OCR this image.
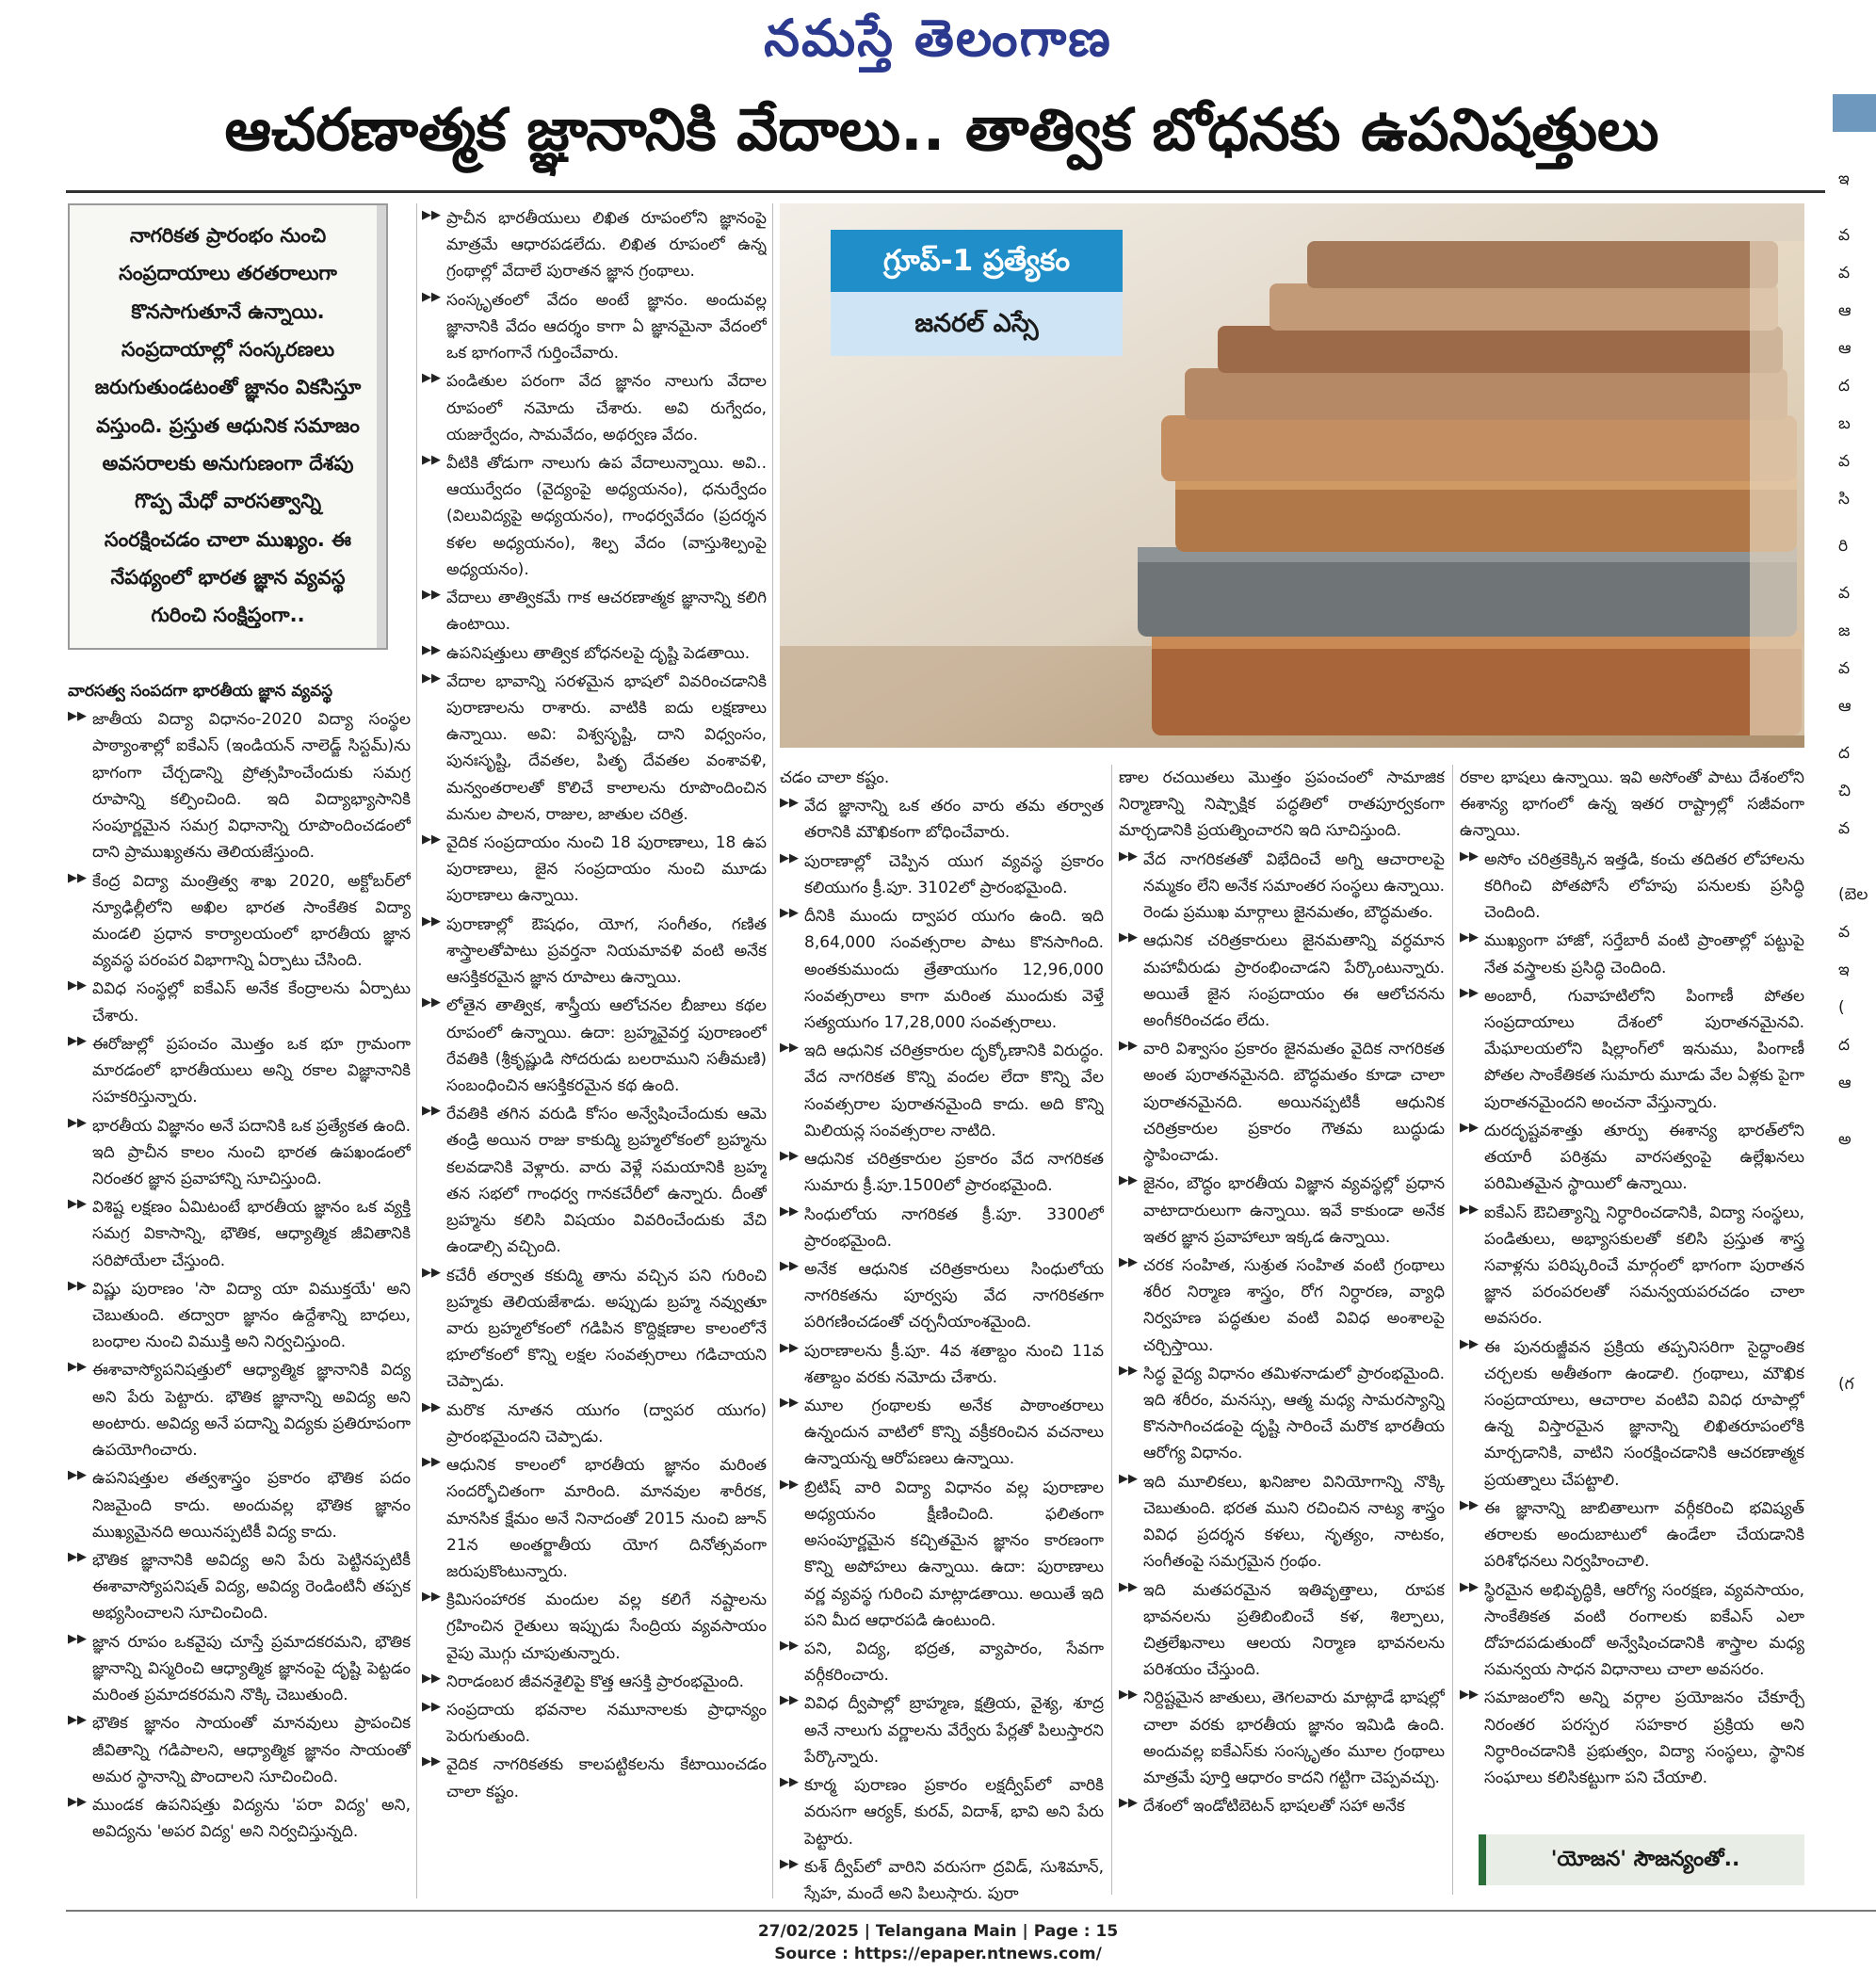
నమస్తే తెలంగాణ
ఆచరణాత్మక జ్ఞానానికి వేదాలు.. తాత్విక బోధనకు ఉపనిషత్తులు
నాగరికత ప్రారంభం నుంచి సంప్రదాయాలు తరతరాలుగా కొనసాగుతూనే ఉన్నాయి. సంప్రదాయాల్లో సంస్కరణలు జరుగుతుండటంతో జ్ఞానం వికసిస్తూ వస్తుంది. ప్రస్తుత ఆధునిక సమాజం అవసరాలకు అనుగుణంగా దేశపు గొప్ప మేధో వారసత్వాన్ని సంరక్షించడం చాలా ముఖ్యం. ఈ నేపథ్యంలో భారత జ్ఞాన వ్యవస్థ గురించి సంక్షిప్తంగా..
గ్రూప్-1 ప్రత్యేకం
జనరల్ ఎస్సే

వారసత్వ సంపదగా భారతీయ జ్ఞాన వ్యవస్థ

▶▶ జాతీయ విద్యా విధానం-2020 విద్యా సంస్థల పాఠ్యాంశాల్లో ఐకేఎస్ (ఇండియన్ నాలెడ్జ్ సిస్టమ్)ను భాగంగా చేర్చడాన్ని ప్రోత్సహించేందుకు సమగ్ర రూపాన్ని కల్పించింది. ఇది విద్యాభ్యాసానికి సంపూర్ణమైన సమగ్ర విధానాన్ని రూపొందించడంలో దాని ప్రాముఖ్యతను తెలియజేస్తుంది.

▶▶ కేంద్ర విద్యా మంత్రిత్వ శాఖ 2020, అక్టోబర్‌లో న్యూఢిల్లీలోని అఖిల భారత సాంకేతిక విద్యా మండలి ప్రధాన కార్యాలయంలో భారతీయ జ్ఞాన వ్యవస్థ పరంపర విభాగాన్ని ఏర్పాటు చేసింది.

▶▶ వివిధ సంస్థల్లో ఐకేఎస్ అనేక కేంద్రాలను ఏర్పాటు చేశారు.

▶▶ ఈరోజుల్లో ప్రపంచం మొత్తం ఒక భూ గ్రామంగా మారడంలో భారతీయులు అన్ని రకాల విజ్ఞానానికి సహకరిస్తున్నారు.

▶▶ భారతీయ విజ్ఞానం అనే పదానికి ఒక ప్రత్యేకత ఉంది. ఇది ప్రాచీన కాలం నుంచి భారత ఉపఖండంలో నిరంతర జ్ఞాన ప్రవాహాన్ని సూచిస్తుంది.

▶▶ విశిష్ట లక్షణం ఏమిటంటే భారతీయ జ్ఞానం ఒక వ్యక్తి సమగ్ర వికాసాన్ని, భౌతిక, ఆధ్యాత్మిక జీవితానికి సరిపోయేలా చేస్తుంది.

▶▶ విష్ణు పురాణం 'సా విద్యా యా విముక్తయే' అని చెబుతుంది. తద్వారా జ్ఞానం ఉద్దేశాన్ని బాధలు, బంధాల నుంచి విముక్తి అని నిర్వచిస్తుంది.

▶▶ ఈశావాస్యోపనిషత్తులో ఆధ్యాత్మిక జ్ఞానానికి విద్య అని పేరు పెట్టారు. భౌతిక జ్ఞానాన్ని అవిద్య అని అంటారు. అవిద్య అనే పదాన్ని విద్యకు ప్రతిరూపంగా ఉపయోగించారు.

▶▶ ఉపనిషత్తుల తత్వశాస్త్రం ప్రకారం భౌతిక పదం నిజమైంది కాదు. అందువల్ల భౌతిక జ్ఞానం ముఖ్యమైనది అయినప్పటికీ విద్య కాదు.

▶▶ భౌతిక జ్ఞానానికి అవిద్య అని పేరు పెట్టినప్పటికీ ఈశావాస్యోపనిషత్ విద్య, అవిద్య రెండింటినీ తప్పక అభ్యసించాలని సూచించింది.

▶▶ జ్ఞాన రూపం ఒకవైపు చూస్తే ప్రమాదకరమని, భౌతిక జ్ఞానాన్ని విస్మరించి ఆధ్యాత్మిక జ్ఞానంపై దృష్టి పెట్టడం మరింత ప్రమాదకరమని నొక్కి చెబుతుంది.

▶▶ భౌతిక జ్ఞానం సాయంతో మానవులు ప్రాపంచిక జీవితాన్ని గడిపాలని, ఆధ్యాత్మిక జ్ఞానం సాయంతో అమర స్థానాన్ని పొందాలని సూచించింది.

▶▶ ముండక ఉపనిషత్తు విద్యను 'పరా విద్య' అని, అవిద్యను 'అపర విద్య' అని నిర్వచిస్తున్నది.

▶▶ ప్రాచీన భారతీయులు లిఖిత రూపంలోని జ్ఞానంపై మాత్రమే ఆధారపడలేదు. లిఖిత రూపంలో ఉన్న గ్రంథాల్లో వేదాలే పురాతన జ్ఞాన గ్రంథాలు.

▶▶ సంస్కృతంలో వేదం అంటే జ్ఞానం. అందువల్ల జ్ఞానానికి వేదం ఆదర్శం కాగా ఏ జ్ఞానమైనా వేదంలో ఒక భాగంగానే గుర్తించేవారు.

▶▶ పండితుల పరంగా వేద జ్ఞానం నాలుగు వేదాల రూపంలో నమోదు చేశారు. అవి రుగ్వేదం, యజుర్వేదం, సామవేదం, అథర్వణ వేదం.

▶▶ వీటికి తోడుగా నాలుగు ఉప వేదాలున్నాయి. అవి.. ఆయుర్వేదం (వైద్యంపై అధ్యయనం), ధనుర్వేదం (విలువిద్యపై అధ్యయనం), గాంధర్వవేదం (ప్రదర్శన కళల అధ్యయనం), శిల్ప వేదం (వాస్తుశిల్పంపై అధ్యయనం).

▶▶ వేదాలు తాత్వికమే గాక ఆచరణాత్మక జ్ఞానాన్ని కలిగి ఉంటాయి.

▶▶ ఉపనిషత్తులు తాత్విక బోధనలపై దృష్టి పెడతాయి.

▶▶ వేదాల భావాన్ని సరళమైన భాషలో వివరించడానికి పురాణాలను రాశారు. వాటికి ఐదు లక్షణాలు ఉన్నాయి. అవి: విశ్వసృష్టి, దాని విధ్వంసం, పునఃసృష్టి, దేవతల, పితృ దేవతల వంశావళి, మన్వంతరాలతో కొలిచే కాలాలను రూపొందించిన మనుల పాలన, రాజుల, జాతుల చరిత్ర.

▶▶ వైదిక సంప్రదాయం నుంచి 18 పురాణాలు, 18 ఉప పురాణాలు, జైన సంప్రదాయం నుంచి మూడు పురాణాలు ఉన్నాయి.

▶▶ పురాణాల్లో ఔషధం, యోగ, సంగీతం, గణిత శాస్త్రాలతోపాటు ప్రవర్తనా నియమావళి వంటి అనేక ఆసక్తికరమైన జ్ఞాన రూపాలు ఉన్నాయి.

▶▶ లోతైన తాత్విక, శాస్త్రీయ ఆలోచనల బీజాలు కథల రూపంలో ఉన్నాయి. ఉదా: బ్రహ్మవైవర్త పురాణంలో రేవతికి (శ్రీకృష్ణుడి సోదరుడు బలరాముని సతీమణి) సంబంధించిన ఆసక్తికరమైన కథ ఉంది.

▶▶ రేవతికి తగిన వరుడి కోసం అన్వేషించేందుకు ఆమె తండ్రి అయిన రాజు కాకుద్మి బ్రహ్మలోకంలో బ్రహ్మను కలవడానికి వెళ్లారు. వారు వెళ్లే సమయానికి బ్రహ్మ తన సభలో గాంధర్వ గానకచేరీలో ఉన్నారు. దీంతో బ్రహ్మను కలిసి విషయం వివరించేందుకు వేచి ఉండాల్సి వచ్చింది.

▶▶ కచేరీ తర్వాత కకుద్మి తాను వచ్చిన పని గురించి బ్రహ్మకు తెలియజేశాడు. అప్పుడు బ్రహ్మ నవ్వుతూ వారు బ్రహ్మలోకంలో గడిపిన కొద్దిక్షణాల కాలంలోనే భూలోకంలో కొన్ని లక్షల సంవత్సరాలు గడిచాయని చెప్పాడు.

▶▶ మరొక నూతన యుగం (ద్వాపర యుగం) ప్రారంభమైందని చెప్పాడు.

▶▶ ఆధునిక కాలంలో భారతీయ జ్ఞానం మరింత సందర్భోచితంగా మారింది. మానవుల శారీరక, మానసిక క్షేమం అనే నినాదంతో 2015 నుంచి జూన్ 21న అంతర్జాతీయ యోగ దినోత్సవంగా జరుపుకొంటున్నారు.

▶▶ క్రిమిసంహారక మందుల వల్ల కలిగే నష్టాలను గ్రహించిన రైతులు ఇప్పుడు సేంద్రియ వ్యవసాయం వైపు మొగ్గు చూపుతున్నారు.

▶▶ నిరాడంబర జీవనశైలిపై కొత్త ఆసక్తి ప్రారంభమైంది.

▶▶ సంప్రదాయ భవనాల నమూనాలకు ప్రాధాన్యం పెరుగుతుంది.

▶▶ వైదిక నాగరికతకు కాలపట్టికలను కేటాయించడం చాలా కష్టం.

చడం చాలా కష్టం.

▶▶ వేద జ్ఞానాన్ని ఒక తరం వారు తమ తర్వాత తరానికి మౌఖికంగా బోధించేవారు.

▶▶ పురాణాల్లో చెప్పిన యుగ వ్యవస్థ ప్రకారం కలియుగం క్రీ.పూ. 3102లో ప్రారంభమైంది.

▶▶ దీనికి ముందు ద్వాపర యుగం ఉంది. ఇది 8,64,000 సంవత్సరాల పాటు కొనసాగింది. అంతకుముందు త్రేతాయుగం 12,96,000 సంవత్సరాలు కాగా మరింత ముందుకు వెళ్తే సత్యయుగం 17,28,000 సంవత్సరాలు.

▶▶ ఇది ఆధునిక చరిత్రకారుల దృక్కోణానికి విరుద్ధం. వేద నాగరికత కొన్ని వందల లేదా కొన్ని వేల సంవత్సరాల పురాతనమైంది కాదు. అది కొన్ని మిలియన్ల సంవత్సరాల నాటిది.

▶▶ ఆధునిక చరిత్రకారుల ప్రకారం వేద నాగరికత సుమారు క్రీ.పూ.1500లో ప్రారంభమైంది.

▶▶ సింధులోయ నాగరికత క్రీ.పూ. 3300లో ప్రారంభమైంది.

▶▶ అనేక ఆధునిక చరిత్రకారులు సింధులోయ నాగరికతను పూర్వపు వేద నాగరికతగా పరిగణించడంతో చర్చనీయాంశమైంది.

▶▶ పురాణాలను క్రీ.పూ. 4వ శతాబ్దం నుంచి 11వ శతాబ్దం వరకు నమోదు చేశారు.

▶▶ మూల గ్రంథాలకు అనేక పాఠాంతరాలు ఉన్నందున వాటిలో కొన్ని వక్రీకరించిన వచనాలు ఉన్నాయన్న ఆరోపణలు ఉన్నాయి.

▶▶ బ్రిటిష్ వారి విద్యా విధానం వల్ల పురాణాల అధ్యయనం క్షీణించింది. ఫలితంగా అసంపూర్ణమైన కచ్చితమైన జ్ఞానం కారణంగా కొన్ని అపోహలు ఉన్నాయి. ఉదా: పురాణాలు వర్ణ వ్యవస్థ గురించి మాట్లాడతాయి. అయితే ఇది పని మీద ఆధారపడి ఉంటుంది.

▶▶ పని, విద్య, భద్రత, వ్యాపారం, సేవగా వర్గీకరించారు.

▶▶ వివిధ ద్వీపాల్లో బ్రాహ్మణ, క్షత్రియ, వైశ్య, శూద్ర అనే నాలుగు వర్ణాలను వేర్వేరు పేర్లతో పిలుస్తారని పేర్కొన్నారు.

▶▶ కూర్మ పురాణం ప్రకారం లక్షద్వీప్‌లో వారికి వరుసగా ఆర్యక్, కురవ్, విదాశ్, భావి అని పేరు పెట్టారు.

▶▶ కుశ్ ద్వీప్‌లో వారిని వరుసగా ద్రవిడ్, సుశిమాన్, స్నేహ, మందే అని పిలుస్తారు. పురా

ణాల రచయితలు మొత్తం ప్రపంచంలో సామాజిక నిర్మాణాన్ని నిష్పాక్షిక పద్ధతిలో రాతపూర్వకంగా మార్చడానికి ప్రయత్నించారని ఇది సూచిస్తుంది.

▶▶ వేద నాగరికతతో విభేదించే అగ్ని ఆచారాలపై నమ్మకం లేని అనేక సమాంతర సంస్థలు ఉన్నాయి. రెండు ప్రముఖ మార్గాలు జైనమతం, బౌద్ధమతం.

▶▶ ఆధునిక చరిత్రకారులు జైనమతాన్ని వర్ధమాన మహావీరుడు ప్రారంభించాడని పేర్కొంటున్నారు. అయితే జైన సంప్రదాయం ఈ ఆలోచనను అంగీకరించడం లేదు.

▶▶ వారి విశ్వాసం ప్రకారం జైనమతం వైదిక నాగరికత అంత పురాతనమైనది. బౌద్ధమతం కూడా చాలా పురాతనమైనది. అయినప్పటికీ ఆధునిక చరిత్రకారుల ప్రకారం గౌతమ బుద్ధుడు స్థాపించాడు.

▶▶ జైనం, బౌద్ధం భారతీయ విజ్ఞాన వ్యవస్థల్లో ప్రధాన వాటాదారులుగా ఉన్నాయి. ఇవే కాకుండా అనేక ఇతర జ్ఞాన ప్రవాహాలూ ఇక్కడ ఉన్నాయి.

▶▶ చరక సంహిత, సుశ్రుత సంహిత వంటి గ్రంథాలు శరీర నిర్మాణ శాస్త్రం, రోగ నిర్ధారణ, వ్యాధి నిర్వహణ పద్ధతుల వంటి వివిధ అంశాలపై చర్చిస్తాయి.

▶▶ సిద్ధ వైద్య విధానం తమిళనాడులో ప్రారంభమైంది. ఇది శరీరం, మనస్సు, ఆత్మ మధ్య సామరస్యాన్ని కొనసాగించడంపై దృష్టి సారించే మరొక భారతీయ ఆరోగ్య విధానం.

▶▶ ఇది మూలికలు, ఖనిజాల వినియోగాన్ని నొక్కి చెబుతుంది. భరత ముని రచించిన నాట్య శాస్త్రం వివిధ ప్రదర్శన కళలు, నృత్యం, నాటకం, సంగీతంపై సమగ్రమైన గ్రంథం.

▶▶ ఇది మతపరమైన ఇతివృత్తాలు, రూపక భావనలను ప్రతిబింబించే కళ, శిల్పాలు, చిత్రలేఖనాలు ఆలయ నిర్మాణ భావనలను పరిశయం చేస్తుంది.

▶▶ నిర్దిష్టమైన జాతులు, తెగలవారు మాట్లాడే భాషల్లో చాలా వరకు భారతీయ జ్ఞానం ఇమిడి ఉంది. అందువల్ల ఐకేఎస్‌కు సంస్కృతం మూల గ్రంథాలు మాత్రమే పూర్తి ఆధారం కాదని గట్టిగా చెప్పవచ్చు.

▶▶ దేశంలో ఇండోటిబెటన్ భాషలతో సహా అనేక

రకాల భాషలు ఉన్నాయి. ఇవి అసోంతో పాటు దేశంలోని ఈశాన్య భాగంలో ఉన్న ఇతర రాష్ట్రాల్లో సజీవంగా ఉన్నాయి.

▶▶ అసోం చరిత్రకెక్కిన ఇత్తడి, కంచు తదితర లోహాలను కరిగించి పోతపోసే లోహపు పనులకు ప్రసిద్ధి చెందింది.

▶▶ ముఖ్యంగా హాజో, సర్తేబారీ వంటి ప్రాంతాల్లో పట్టుపై నేత వస్త్రాలకు ప్రసిద్ధి చెందింది.

▶▶ అంబారీ, గువాహటిలోని పింగాణీ పోతల సంప్రదాయాలు దేశంలో పురాతనమైనవి. మేఘాలయలోని షిల్లాంగ్‌లో ఇనుము, పింగాణీ పోతల సాంకేతికత సుమారు మూడు వేల ఏళ్లకు పైగా పురాతనమైందని అంచనా వేస్తున్నారు.

▶▶ దురదృష్టవశాత్తు తూర్పు ఈశాన్య భారత్‌లోని తయారీ పరిశ్రమ వారసత్వంపై ఉల్లేఖనలు పరిమితమైన స్థాయిలో ఉన్నాయి.

▶▶ ఐకేఎస్ ఔచిత్యాన్ని నిర్ధారించడానికి, విద్యా సంస్థలు, పండితులు, అభ్యాసకులతో కలిసి ప్రస్తుత శాస్త్ర సవాళ్లను పరిష్కరించే మార్గంలో భాగంగా పురాతన జ్ఞాన పరంపరలతో సమన్వయపరచడం చాలా అవసరం.

▶▶ ఈ పునరుజ్జీవన ప్రక్రియ తప్పనిసరిగా సైద్ధాంతిక చర్చలకు అతీతంగా ఉండాలి. గ్రంథాలు, మౌఖిక సంప్రదాయాలు, ఆచారాల వంటివి వివిధ రూపాల్లో ఉన్న విస్తారమైన జ్ఞానాన్ని లిఖితరూపంలోకి మార్చడానికి, వాటిని సంరక్షించడానికి ఆచరణాత్మక ప్రయత్నాలు చేపట్టాలి.

▶▶ ఈ జ్ఞానాన్ని జాబితాలుగా వర్గీకరించి భవిష్యత్ తరాలకు అందుబాటులో ఉండేలా చేయడానికి పరిశోధనలు నిర్వహించాలి.

▶▶ స్థిరమైన అభివృద్ధికి, ఆరోగ్య సంరక్షణ, వ్యవసాయం, సాంకేతికత వంటి రంగాలకు ఐకేఎస్ ఎలా దోహదపడుతుందో అన్వేషించడానికి శాస్త్రాల మధ్య సమన్వయ సాధన విధానాలు చాలా అవసరం.

▶▶ సమాజంలోని అన్ని వర్గాల ప్రయోజనం చేకూర్చే నిరంతర పరస్పర సహకార ప్రక్రియ అని నిర్ధారించడానికి ప్రభుత్వం, విద్యా సంస్థలు, స్థానిక సంఘాలు కలిసికట్టుగా పని చేయాలి.

'యోజన' సౌజన్యంతో..
ఇ
వ
వ
ఆ
ఆ
ద
బ
వ
సి
రి
వ
జ
వ
ఆ
ద
చి
వ
(బెల
వ
ఇ
(
ద
ఆ
అ
(గ
27/02/2025 | Telangana Main | Page : 15
Source : https://epaper.ntnews.com/
